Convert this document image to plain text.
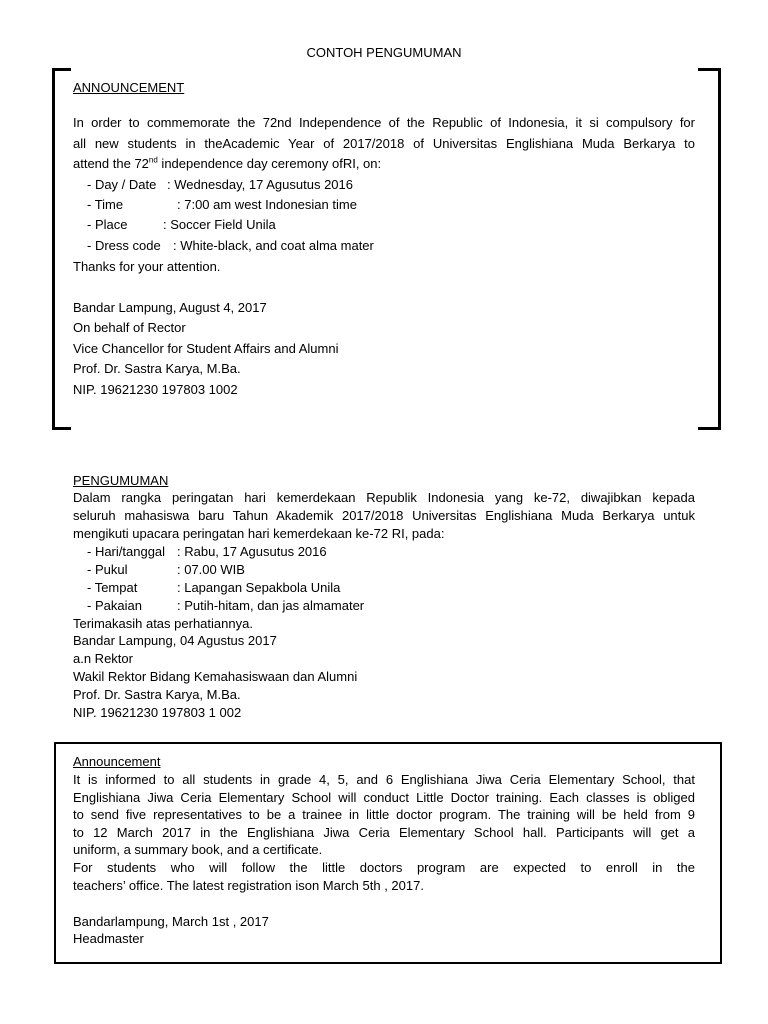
CONTOH PENGUMUMAN
ANNOUNCEMENT
In order to commemorate the 72nd Independence of the Republic of Indonesia, it si compulsory for
all new students in theAcademic Year of 2017/2018 of Universitas Englishiana Muda Berkarya to
attend the 72nd independence day ceremony ofRI, on:
- Day / Date : Wednesday, 17 Agusutus 2016
- Time	: 7:00 am west Indonesian time
- Place	: Soccer Field Unila
- Dress code : White-black, and coat alma mater
Thanks for your attention.
Bandar Lampung, August 4, 2017
On behalf of Rector
Vice Chancellor for Student Affairs and Alumni
Prof. Dr. Sastra Karya, M.Ba.
NIP. 19621230 197803 1002
PENGUMUMAN
Dalam rangka peringatan hari kemerdekaan Republik Indonesia yang ke-72, diwajibkan kepada
seluruh mahasiswa baru Tahun Akademik 2017/2018 Universitas Englishiana Muda Berkarya untuk
mengikuti upacara peringatan hari kemerdekaan ke-72 RI, pada:
- Hari/tanggal : Rabu, 17 Agusutus 2016
- Pukul	: 07.00 WIB
- Tempat	: Lapangan Sepakbola Unila
- Pakaian	: Putih-hitam, dan jas almamater
Terimakasih atas perhatiannya.
Bandar Lampung, 04 Agustus 2017
a.n Rektor
Wakil Rektor Bidang Kemahasiswaan dan Alumni
Prof. Dr. Sastra Karya, M.Ba.
NIP. 19621230 197803 1 002
Announcement
It is informed to all students in grade 4, 5, and 6 Englishiana Jiwa Ceria Elementary School, that
Englishiana Jiwa Ceria Elementary School will conduct Little Doctor training. Each classes is obliged
to send five representatives to be a trainee in little doctor program. The training will be held from 9
to 12 March 2017 in the Englishiana Jiwa Ceria Elementary School hall. Participants will get a
uniform, a summary book, and a certificate.
For students who will follow the little doctors program are expected to enroll in the
teachers’ office. The latest registration ison March 5th , 2017.
Bandarlampung, March 1st , 2017
Headmaster
